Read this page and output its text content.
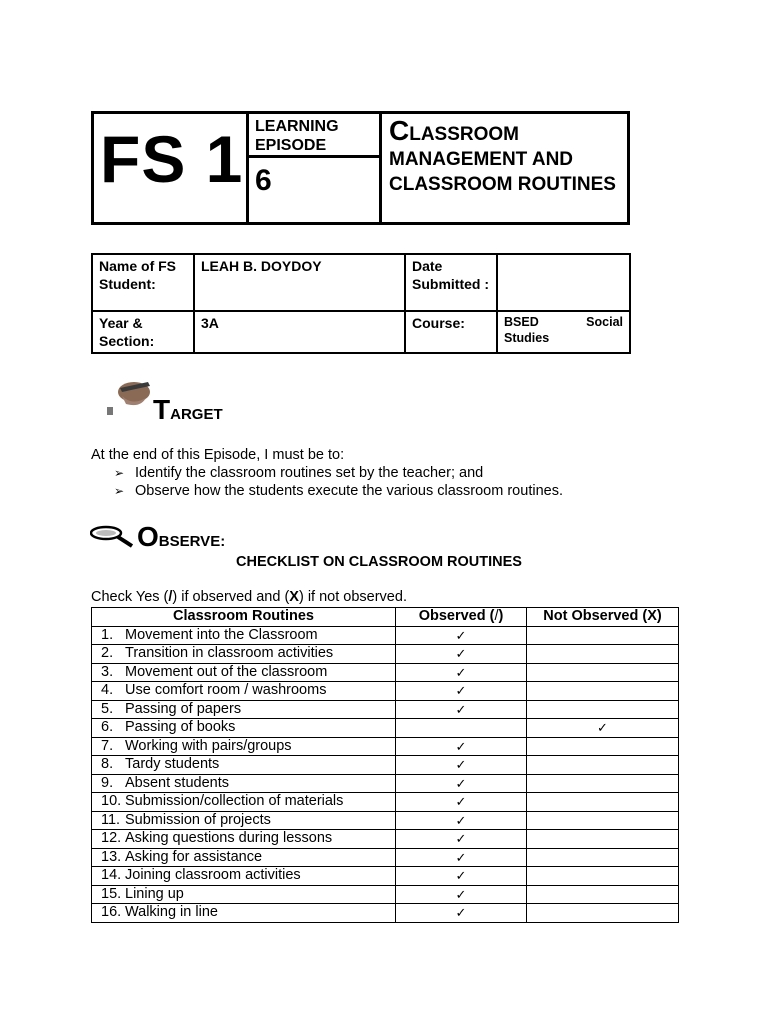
FS 1 LEARNING EPISODE
6
CLASSROOM
MANAGEMENT AND CLASSROOM ROUTINES
Name of FS Student:	LEAH B. DOYDOY	Date Submitted :	
Year & Section:	3A	Course:	BSED Social
Studies
TARGET
At the end of this Episode, I must be to:
➢ Identify the classroom routines set by the teacher; and
➢ Observe how the students execute the various classroom routines.
OBSERVE:
CHECKLIST ON CLASSROOM ROUTINES
Check Yes (/) if observed and (X) if not observed.
Classroom Routines	Observed (/)	Not Observed (X)
1. Movement into the Classroom	✓	
2. Transition in classroom activities	✓	
3. Movement out of the classroom	✓	
4. Use comfort room / washrooms	✓	
5. Passing of papers	✓	
6. Passing of books		✓
7. Working with pairs/groups	✓	
8. Tardy students	✓	
9. Absent students	✓	
10. Submission/collection of materials	✓	
11. Submission of projects	✓	
12. Asking questions during lessons	✓	
13. Asking for assistance	✓	
14. Joining classroom activities	✓	
15. Lining up	✓	
16. Walking in line	✓	
